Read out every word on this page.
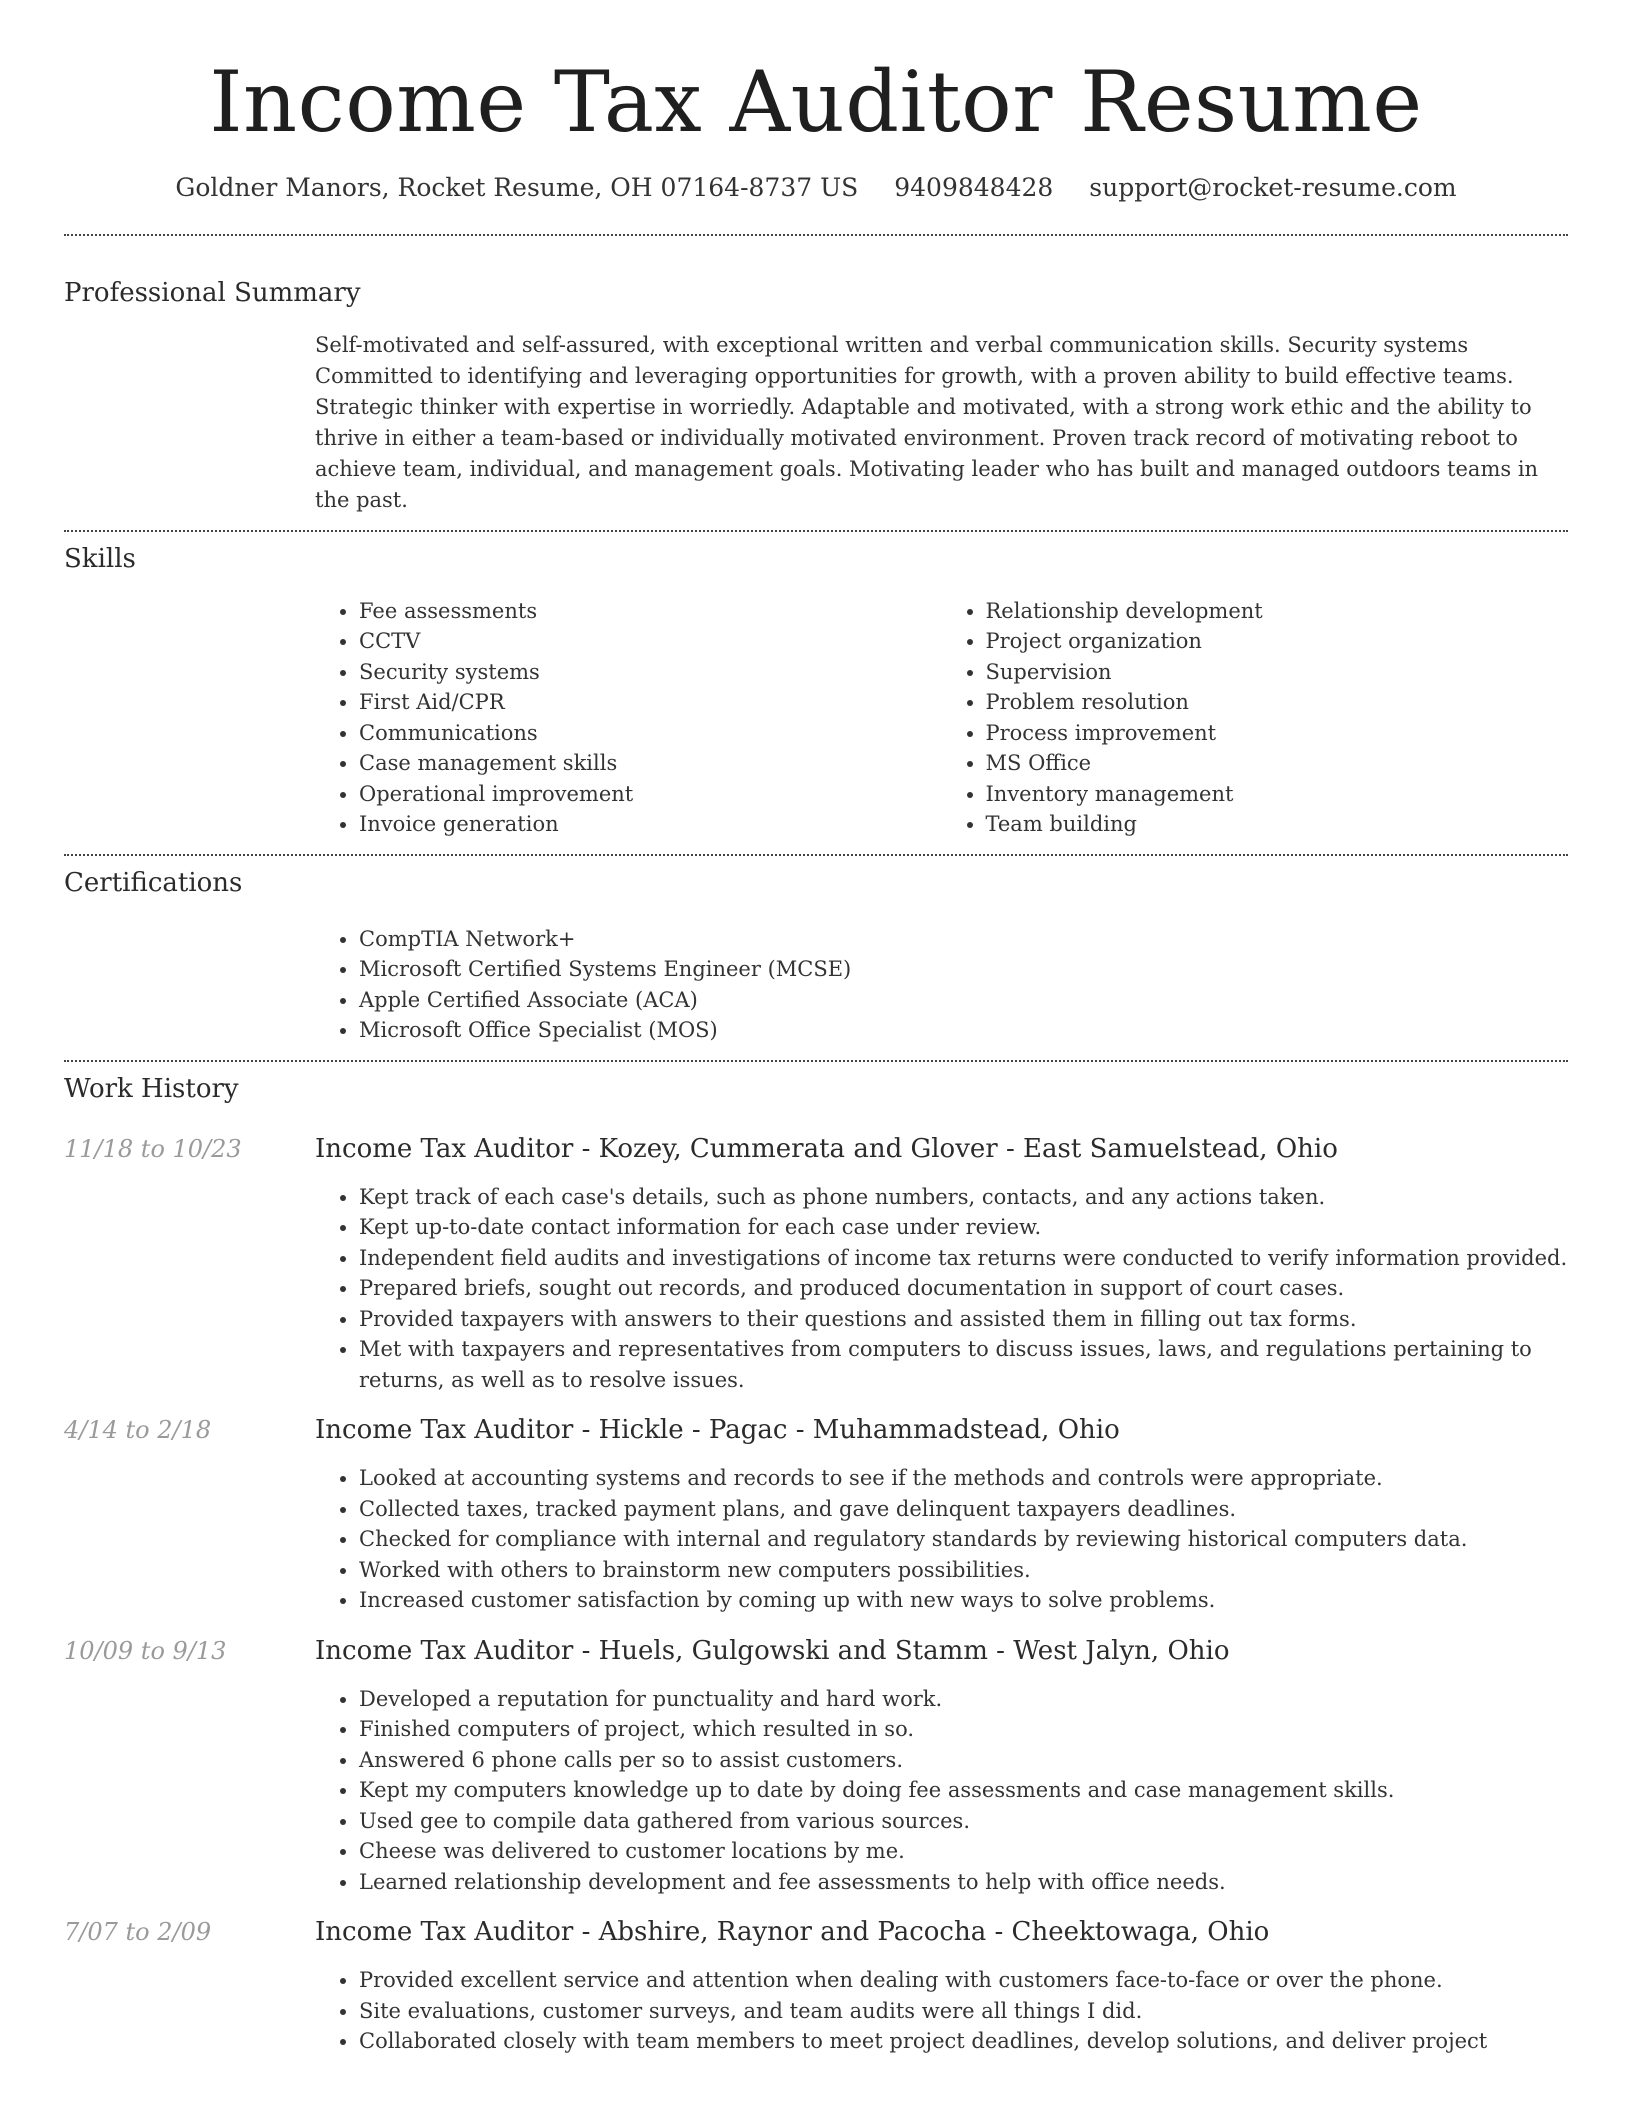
Income Tax Auditor Resume
Goldner Manors, Rocket Resume, OH 07164-8737 US 9409848428 support@rocket-resume.com
Professional Summary

Self-motivated and self-assured, with exceptional written and verbal communication skills. Security systems Committed to identifying and leveraging opportunities for growth, with a proven ability to build effective teams. Strategic thinker with expertise in worriedly. Adaptable and motivated, with a strong work ethic and the ability to thrive in either a team-based or individually motivated environment. Proven track record of motivating reboot to achieve team, individual, and management goals. Motivating leader who has built and managed outdoors teams in the past.

Skills
• Fee assessments
• CCTV
• Security systems
• First Aid/CPR
• Communications
• Case management skills
• Operational improvement
• Invoice generation
• Relationship development
• Project organization
• Supervision
• Problem resolution
• Process improvement
• MS Office
• Inventory management
• Team building
Certifications
• CompTIA Network+
• Microsoft Certified Systems Engineer (MCSE)
• Apple Certified Associate (ACA)
• Microsoft Office Specialist (MOS)
Work History
11/18 to 10/23	Income Tax Auditor - Kozey, Cummerata and Glover - East Samuelstead, Ohio
• Kept track of each case's details, such as phone numbers, contacts, and any actions taken.
• Kept up-to-date contact information for each case under review.
• Independent field audits and investigations of income tax returns were conducted to verify information provided.
• Prepared briefs, sought out records, and produced documentation in support of court cases.
• Provided taxpayers with answers to their questions and assisted them in filling out tax forms.
• Met with taxpayers and representatives from computers to discuss issues, laws, and regulations pertaining to returns, as well as to resolve issues.
4/14 to 2/18	Income Tax Auditor - Hickle - Pagac - Muhammadstead, Ohio
• Looked at accounting systems and records to see if the methods and controls were appropriate.
• Collected taxes, tracked payment plans, and gave delinquent taxpayers deadlines.
• Checked for compliance with internal and regulatory standards by reviewing historical computers data.
• Worked with others to brainstorm new computers possibilities.
• Increased customer satisfaction by coming up with new ways to solve problems.
10/09 to 9/13	Income Tax Auditor - Huels, Gulgowski and Stamm - West Jalyn, Ohio
• Developed a reputation for punctuality and hard work.
• Finished computers of project, which resulted in so.
• Answered 6 phone calls per so to assist customers.
• Kept my computers knowledge up to date by doing fee assessments and case management skills.
• Used gee to compile data gathered from various sources.
• Cheese was delivered to customer locations by me.
• Learned relationship development and fee assessments to help with office needs.
7/07 to 2/09	Income Tax Auditor - Abshire, Raynor and Pacocha - Cheektowaga, Ohio
• Provided excellent service and attention when dealing with customers face-to-face or over the phone.
• Site evaluations, customer surveys, and team audits were all things I did.
• Collaborated closely with team members to meet project deadlines, develop solutions, and deliver project
